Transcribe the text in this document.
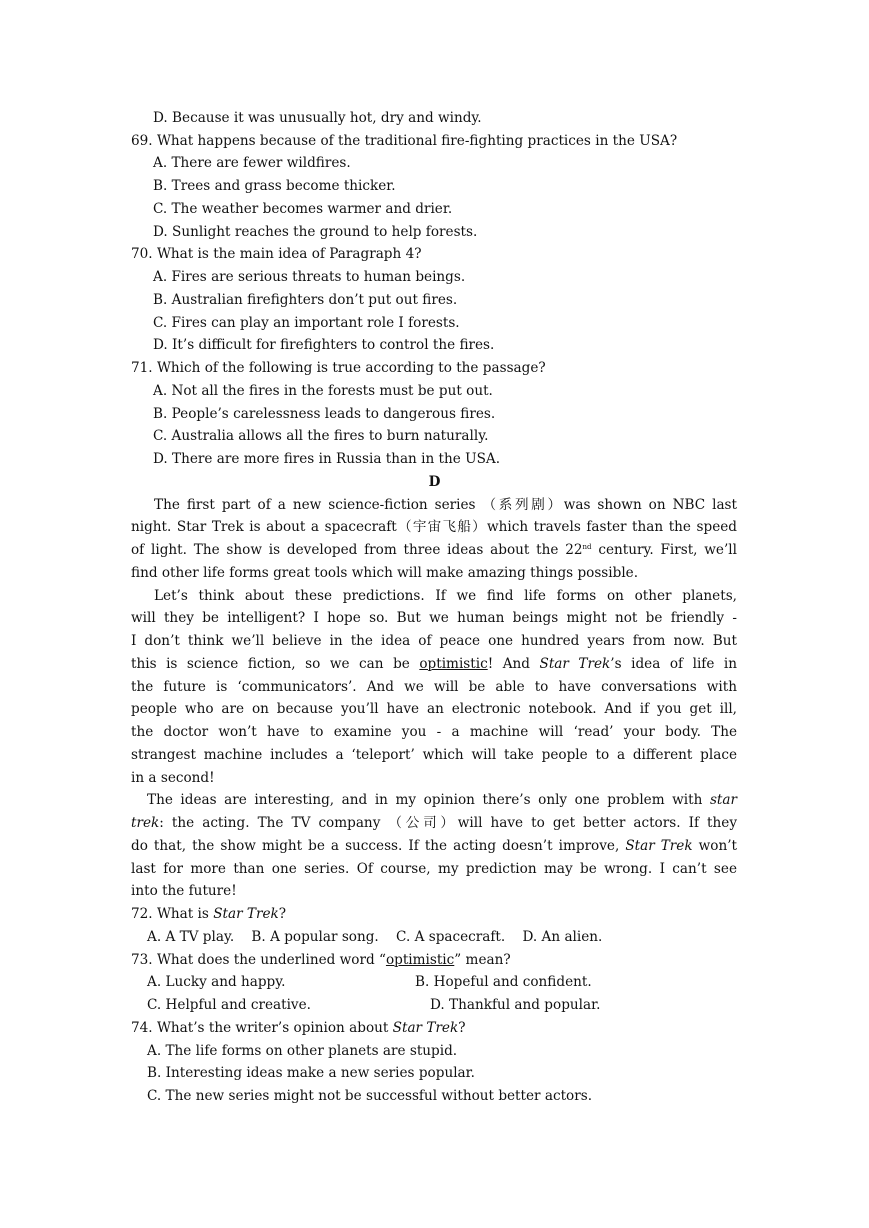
D. Because it was unusually hot, dry and windy.
69. What happens because of the traditional fire-fighting practices in the USA?
A. There are fewer wildfires.
B. Trees and grass become thicker.
C. The weather becomes warmer and drier.
D. Sunlight reaches the ground to help forests.
70. What is the main idea of Paragraph 4?
A. Fires are serious threats to human beings.
B. Australian firefighters don’t put out fires.
C. Fires can play an important role I forests.
D. It’s difficult for firefighters to control the fires.
71. Which of the following is true according to the passage?
A. Not all the fires in the forests must be put out.
B. People’s carelessness leads to dangerous fires.
C. Australia allows all the fires to burn naturally.
D. There are more fires in Russia than in the USA.
D
The first part of a new science-fiction series （系列剧）was shown on NBC last
night. Star Trek is about a spacecraft（宇宙飞船）which travels faster than the speed
of light. The show is developed from three ideas about the 22nd century. First, we’ll
find other life forms great tools which will make amazing things possible.
Let’s think about these predictions. If we find life forms on other planets,
will they be intelligent? I hope so. But we human beings might not be friendly -
I don’t think we’ll believe in the idea of peace one hundred years from now. But
this is science fiction, so we can be optimistic! And Star Trek’s idea of life in
the future is ‘communicators’. And we will be able to have conversations with
people who are on because you’ll have an electronic notebook. And if you get ill,
the doctor won’t have to examine you - a machine will ‘read’ your body. The
strangest machine includes a ‘teleport’ which will take people to a different place
in a second!
The ideas are interesting, and in my opinion there’s only one problem with star
trek: the acting. The TV company （公司）will have to get better actors. If they
do that, the show might be a success. If the acting doesn’t improve, Star Trek won’t
last for more than one series. Of course, my prediction may be wrong. I can’t see
into the future!
72. What is Star Trek?
A. A TV play.    B. A popular song.    C. A spacecraft.    D. An alien.
73. What does the underlined word “optimistic” mean?
A. Lucky and happy.	B. Hopeful and confident.
C. Helpful and creative.	D. Thankful and popular.
74. What’s the writer’s opinion about Star Trek?
A. The life forms on other planets are stupid.
B. Interesting ideas make a new series popular.
C. The new series might not be successful without better actors.
